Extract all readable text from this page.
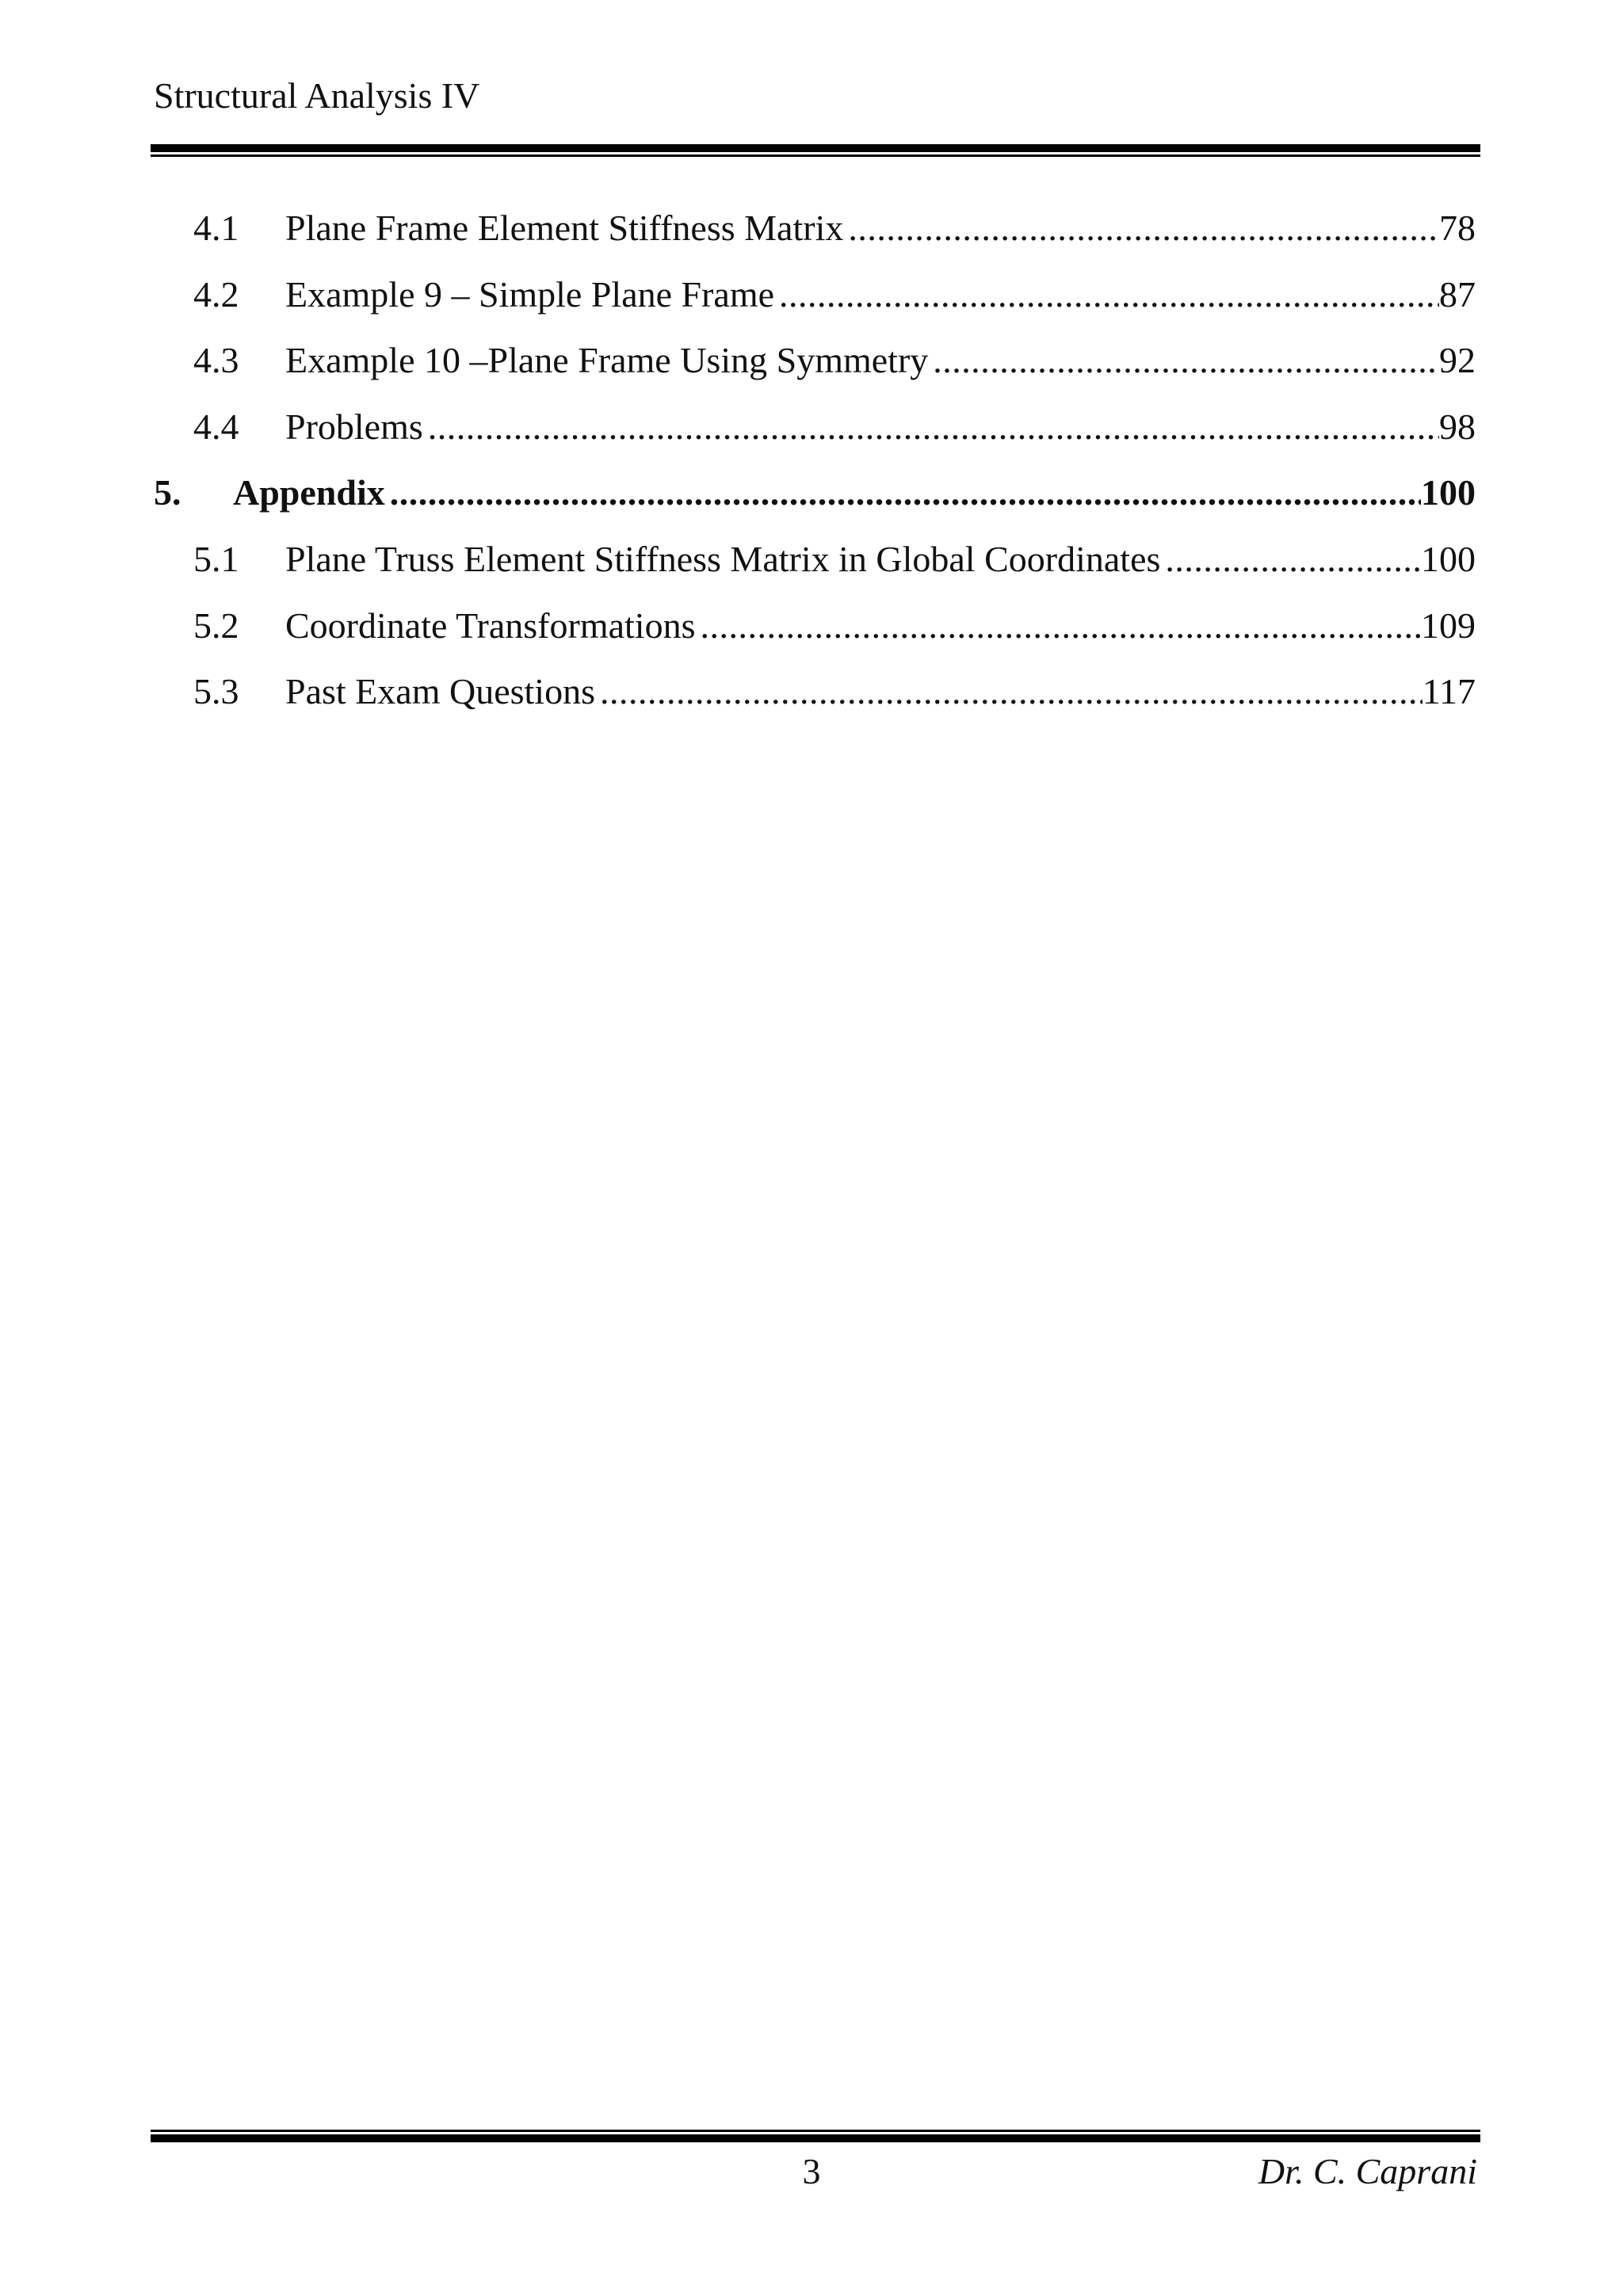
Structural Analysis IV
4.1	Plane Frame Element Stiffness Matrix .....	78
4.2	Example 9 – Simple Plane Frame .....	87
4.3	Example 10 –Plane Frame Using Symmetry .....	92
4.4	Problems .....	98
5.	Appendix .....	100
5.1	Plane Truss Element Stiffness Matrix in Global Coordinates .....	100
5.2	Coordinate Transformations .....	109
5.3	Past Exam Questions .....	117
3	Dr. C. Caprani
